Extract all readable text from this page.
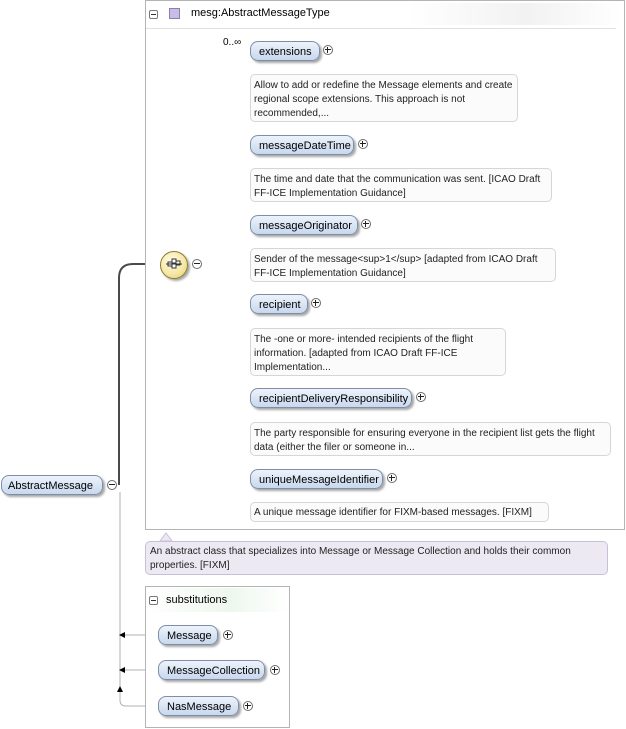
mesg:AbstractMessageType
AbstractMessage
0..∞
extensions
Allow to add or redefine the Message elements and create regional scope extensions. This approach is not recommended,...
messageDateTime
The time and date that the communication was sent. [ICAO Draft FF-ICE Implementation Guidance]
messageOriginator
Sender of the message<sup>1</sup> [adapted from ICAO Draft FF-ICE Implementation Guidance]
recipient
The -one or more- intended recipients of the flight information. [adapted from ICAO Draft FF-ICE Implementation...
recipientDeliveryResponsibility
The party responsible for ensuring everyone in the recipient list gets the flight data (either the filer or someone in...
uniqueMessageIdentifier
A unique message identifier for FIXM-based messages. [FIXM]
An abstract class that specializes into Message or Message Collection and holds their common properties. [FIXM]
substitutions
Message
MessageCollection
NasMessage
